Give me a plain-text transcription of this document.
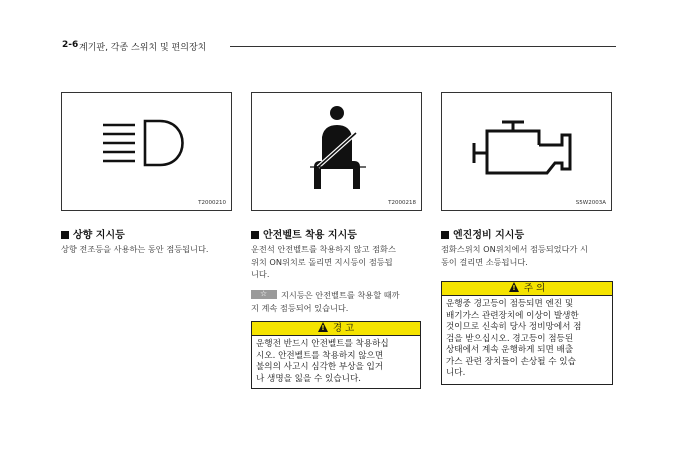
2-6 계기판, 각종 스위치 및 편의장치
T2000210	T2000218	S5W2003A
상향 지시등
상향 전조등을 사용하는 동안 점등됩니다.
안전벨트 착용 지시등
운전석 안전벨트를 착용하지 않고 점화스
위치 ON위치로 돌리면 지시등이 점등됩
니다.
☆지시등은 안전벨트를 착용할 때까
지 계속 점등되어 있습니다.
!경 고
운행전 반드시 안전벨트를 착용하십
시오. 안전벨트를 착용하지 않으면
불의의 사고시 심각한 부상을 입거
나 생명을 잃을 수 있습니다.
엔진정비 지시등
점화스위치 ON위치에서 점등되었다가 시
동이 걸리면 소등됩니다.
!주 의
운행중 경고등이 점등되면 엔진 및
배기가스 관련장치에 이상이 발생한
것이므로 신속히 당사 정비망에서 점
검을 받으십시오. 경고등이 점등된
상태에서 계속 운행하게 되면 배출
가스 관련 장치들이 손상될 수 있습
니다.
